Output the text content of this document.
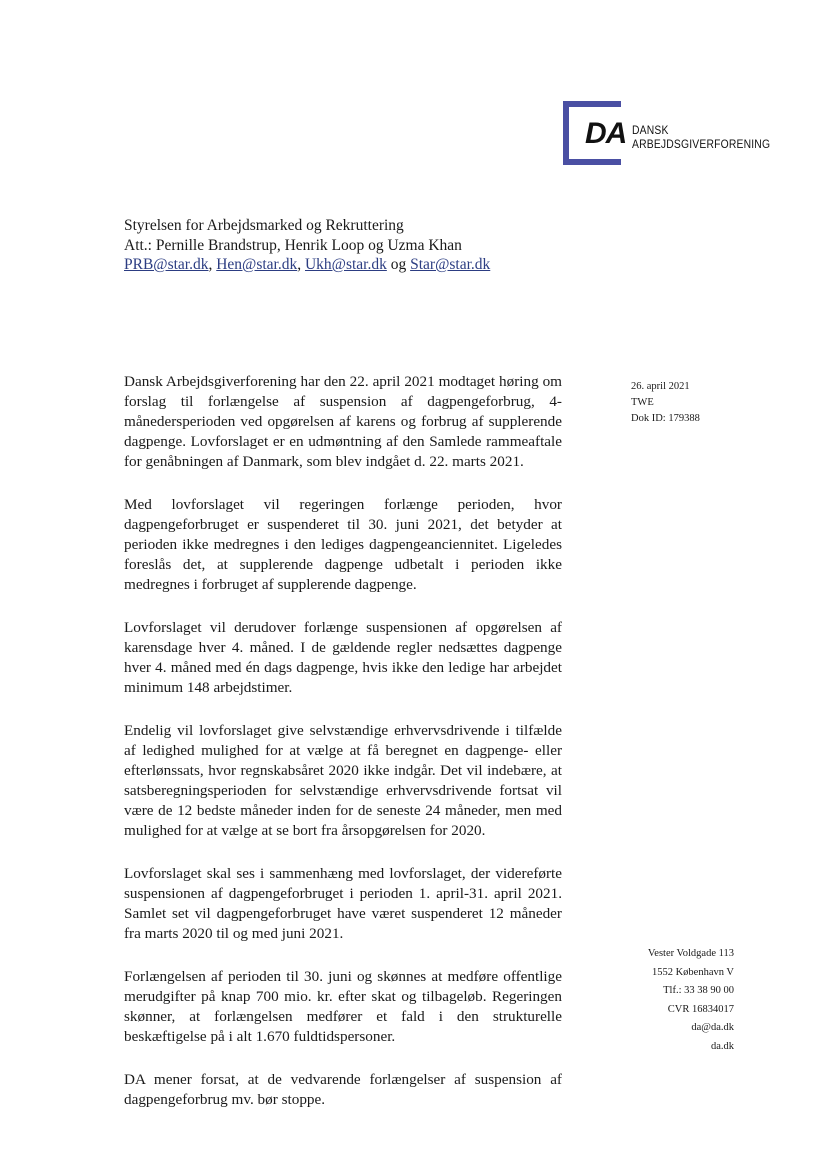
DA DANSK
ARBEJDSGIVERFORENING
Styrelsen for Arbejdsmarked og Rekruttering
Att.: Pernille Brandstrup, Henrik Loop og Uzma Khan
PRB@star.dk, Hen@star.dk, Ukh@star.dk og Star@star.dk
26. april 2021
TWE
Dok ID: 179388

Dansk Arbejdsgiverforening har den 22. april 2021 modtaget høring om forslag til forlængelse af suspension af dagpengeforbrug, 4-månedersperioden ved opgørelsen af karens og forbrug af supplerende dagpenge. Lovforslaget er en udmøntning af den Samlede rammeaftale for genåbningen af Danmark, som blev indgået d. 22. marts 2021.

Med lovforslaget vil regeringen forlænge perioden, hvor dagpengeforbruget er suspenderet til 30. juni 2021, det betyder at perioden ikke medregnes i den lediges dagpengeanciennitet. Ligeledes foreslås det, at supplerende dagpenge udbetalt i perioden ikke medregnes i forbruget af supplerende dagpenge.

Lovforslaget vil derudover forlænge suspensionen af opgørelsen af karensdage hver 4. måned. I de gældende regler nedsættes dagpenge hver 4. måned med én dags dagpenge, hvis ikke den ledige har arbejdet minimum 148 arbejdstimer.

Endelig vil lovforslaget give selvstændige erhvervsdrivende i tilfælde af ledighed mulighed for at vælge at få beregnet en dagpenge- eller efterlønssats, hvor regnskabsåret 2020 ikke indgår. Det vil indebære, at satsberegningsperioden for selvstændige erhvervsdrivende fortsat vil være de 12 bedste måneder inden for de seneste 24 måneder, men med mulighed for at vælge at se bort fra årsopgørelsen for 2020.

Lovforslaget skal ses i sammenhæng med lovforslaget, der videreførte suspensionen af dagpengeforbruget i perioden 1. april-31. april 2021. Samlet set vil dagpengeforbruget have været suspenderet 12 måneder fra marts 2020 til og med juni 2021.

Forlængelsen af perioden til 30. juni og skønnes at medføre offentlige merudgifter på knap 700 mio. kr. efter skat og tilbageløb. Regeringen skønner, at forlængelsen medfører et fald i den strukturelle beskæftigelse på i alt 1.670 fuldtidspersoner.

DA mener forsat, at de vedvarende forlængelser af suspension af dagpengeforbrug mv. bør stoppe.

Vester Voldgade 113
1552 København V
Tlf.: 33 38 90 00
CVR 16834017
da@da.dk
da.dk
